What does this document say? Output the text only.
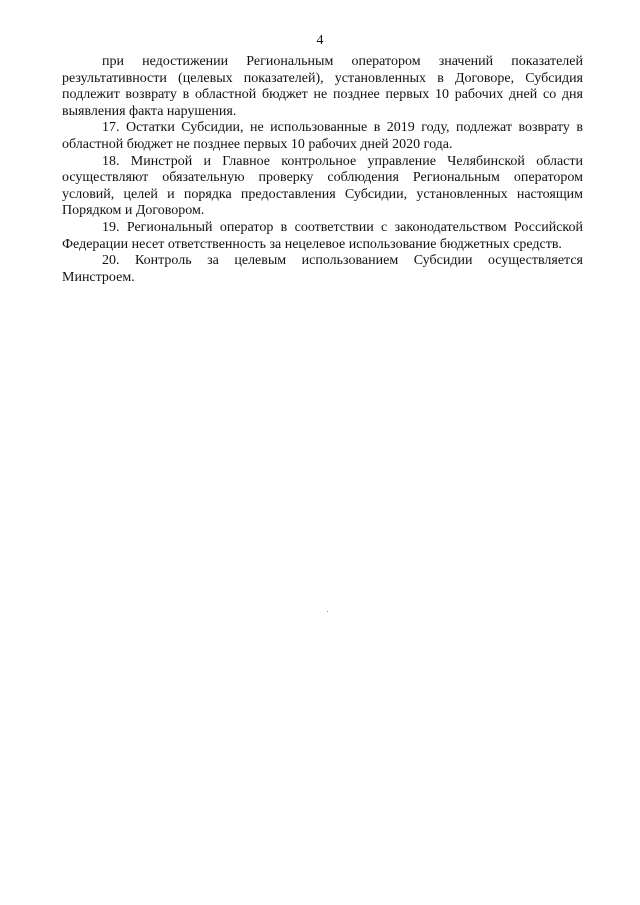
4

при недостижении Региональным оператором значений показателей результативности (целевых показателей), установленных в Договоре, Субсидия подлежит возврату в областной бюджет не позднее первых 10 рабочих дней со дня выявления факта нарушения.

17. Остатки Субсидии, не использованные в 2019 году, подлежат возврату в областной бюджет не позднее первых 10 рабочих дней 2020 года.

18. Минстрой и Главное контрольное управление Челябинской области осуществляют обязательную проверку соблюдения Региональным оператором условий, целей и порядка предоставления Субсидии, установленных настоящим Порядком и Договором.

19. Региональный оператор в соответствии с законодательством Российской Федерации несет ответственность за нецелевое использование бюджетных средств.

20. Контроль за целевым использованием Субсидии осуществляется Минстроем.
